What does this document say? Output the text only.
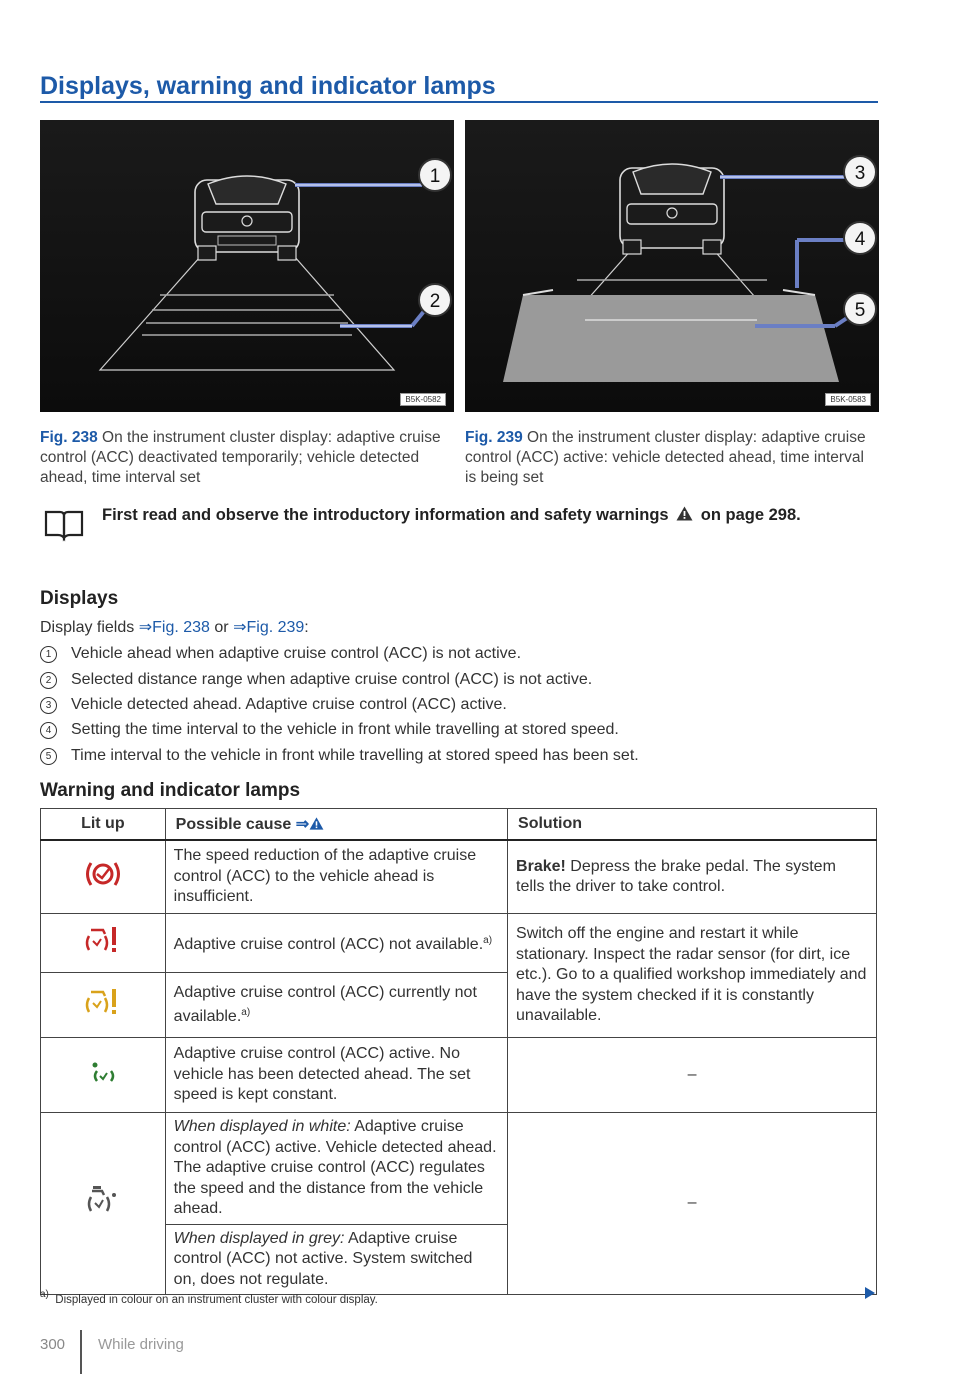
Displays, warning and indicator lamps
1
2
B5K-0582
3
4
5
B5K-0583
Fig. 238 On the instrument cluster display: adaptive cruise control (ACC) deactivated temporarily; vehicle detected ahead, time interval set
Fig. 239 On the instrument cluster display: adaptive cruise control (ACC) active: vehicle detected ahead, time interval is being set
First read and observe the introductory information and safety warnings on page 298.
Displays
Display fields ⇒Fig. 238 or ⇒Fig. 239:
1 Vehicle ahead when adaptive cruise control (ACC) is not active.
2 Selected distance range when adaptive cruise control (ACC) is not active.
3 Vehicle detected ahead. Adaptive cruise control (ACC) active.
4 Setting the time interval to the vehicle in front while travelling at stored speed.
5 Time interval to the vehicle in front while travelling at stored speed has been set.
Warning and indicator lamps
Lit up	Possible cause ⇒	Solution
	The speed reduction of the adaptive cruise control (ACC) to the vehicle ahead is insufficient.	Brake! Depress the brake pedal. The system tells the driver to take control.
	Adaptive cruise control (ACC) not available.$^{a)}$	Switch off the engine and restart it while stationary. Inspect the radar sensor (for dirt, ice etc.). Go to a qualified workshop immediately and have the system checked if it is constantly unavailable.
	Adaptive cruise control (ACC) currently not available.$^{a)}$
	Adaptive cruise control (ACC) active. No vehicle has been detected ahead. The set speed is kept constant.	–
	When displayed in white: Adaptive cruise control (ACC) active. Vehicle detected ahead. The adaptive cruise control (ACC) regulates the speed and the distance from the vehicle ahead.	–
	When displayed in grey: Adaptive cruise control (ACC) not active. System switched on, does not regulate.	
a) Displayed in colour on an instrument cluster with colour display.
300 While driving
